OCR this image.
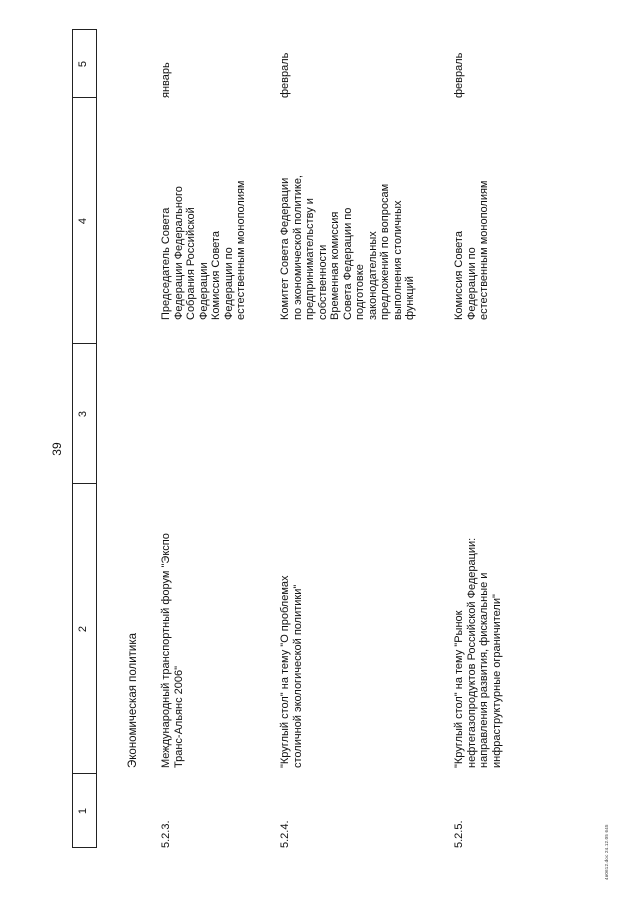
39
1
2
3
4
5
Экономическая политика
5.2.3.
Международный транспортный форум "Экспо
Транс-Альянс 2006"
Председатель Совета
Федерации Федерального
Собрания Российской
Федерации
Комиссия Совета
Федерации по
естественным монополиям
январь
5.2.4.
"Круглый стол" на тему "О проблемах
столичной экологической политики"
Комитет Совета Федерации
по экономической политике,
предпринимательству и
собственности
Временная комиссия
Совета Федерации по
подготовке
законодательных
предложений по вопросам
выполнения столичных
функций
февраль
5.2.5.
"Круглый стол" на тему "Рынок
нефтегазопродуктов Российской Федерации:
направления развития, фискальные и
инфраструктурные ограничители"
Комиссия Совета
Федерации по
естественным монополиям
февраль
4n0612.doc 24.12.05 645
